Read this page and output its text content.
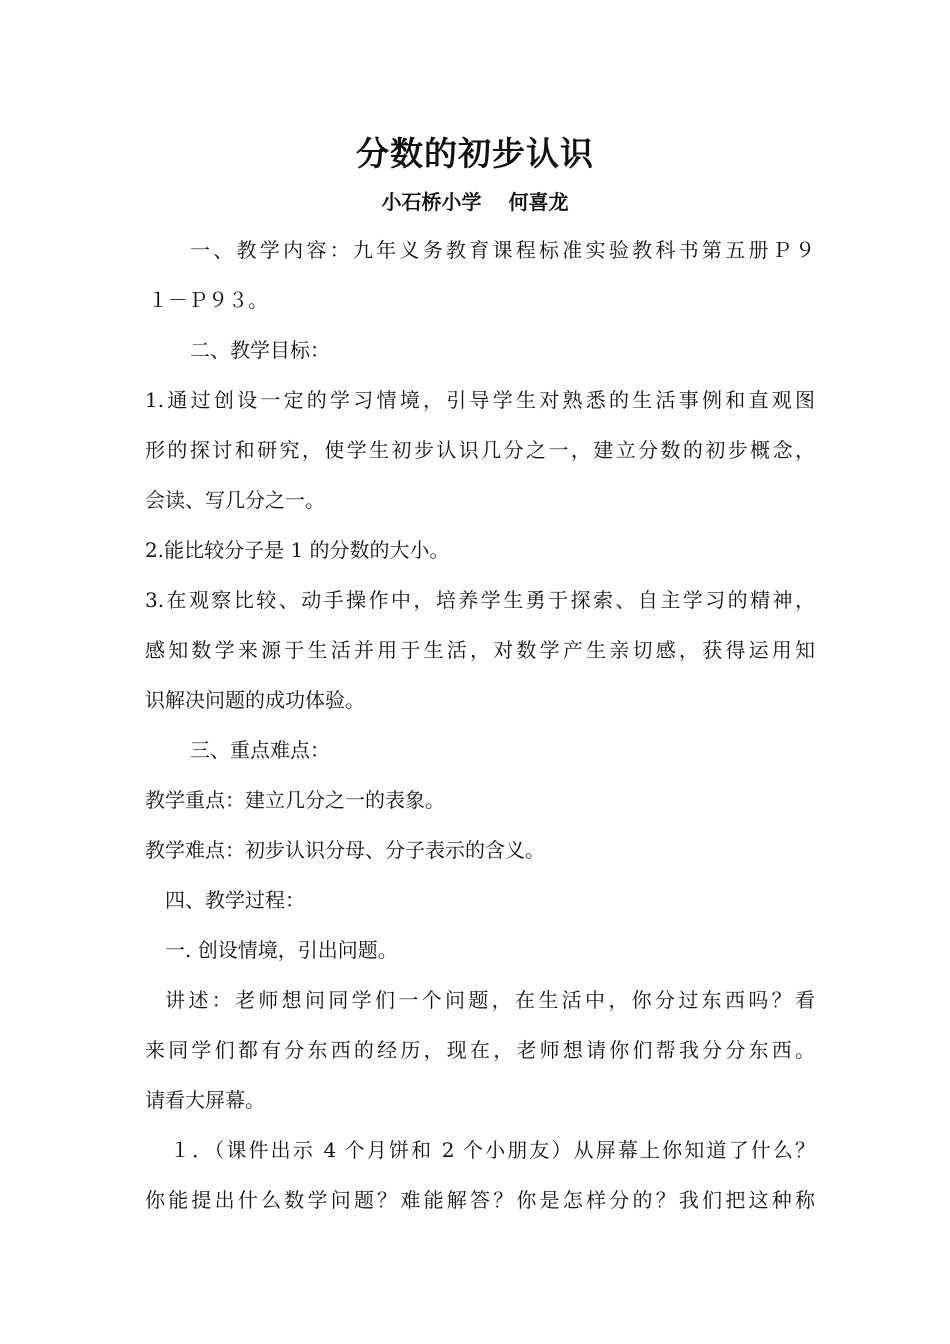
分数的初步认识
小石桥小学　 何喜龙
一、教学内容：九年义务教育课程标准实验教科书第五册Ｐ９
１－Ｐ９３。
二、教学目标：
1.通过创设一定的学习情境，引导学生对熟悉的生活事例和直观图
形的探讨和研究，使学生初步认识几分之一，建立分数的初步概念，
会读、写几分之一。
2.能比较分子是 1 的分数的大小。
3.在观察比较、动手操作中，培养学生勇于探索、自主学习的精神，
感知数学来源于生活并用于生活，对数学产生亲切感，获得运用知
识解决问题的成功体验。
三、重点难点：
教学重点：建立几分之一的表象。
教学难点：初步认识分母、分子表示的含义。
四、教学过程：
一. 创设情境，引出问题。
讲述：老师想问同学们一个问题，在生活中，你分过东西吗？看
来同学们都有分东西的经历，现在，老师想请你们帮我分分东西。
请看大屏幕。
１．（课件出示 4 个月饼和 2 个小朋友）从屏幕上你知道了什么？
你能提出什么数学问题？难能解答？你是怎样分的？我们把这种称
